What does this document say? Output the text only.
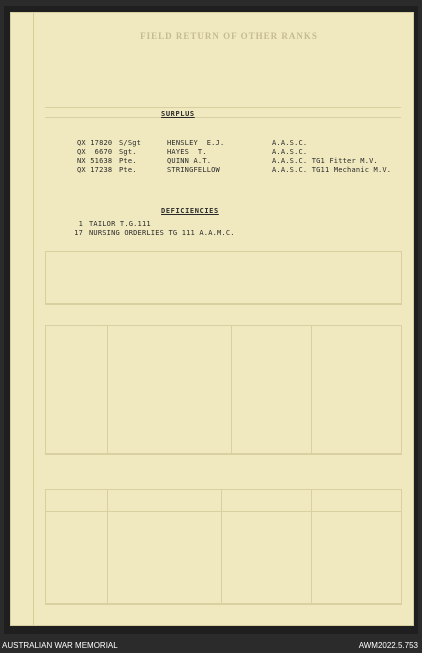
FIELD RETURN OF OTHER RANKS
SURPLUS
QX 17820 S/Sgt	HENSLEY  E.J.	A.A.S.C.
QX  6670 Sgt.	HAYES  T.	A.A.S.C.
NX 51638 Pte.	QUINN A.T.	A.A.S.C. TG1 Fitter M.V.
QX 17238 Pte.	STRINGFELLOW	A.A.S.C. TG11 Mechanic M.V.
DEFICIENCIES
1 TAILOR T.G.111
17 NURSING ORDERLIES TG 111 A.A.M.C.
AUSTRALIAN WAR MEMORIAL	AWM2022.5.753
